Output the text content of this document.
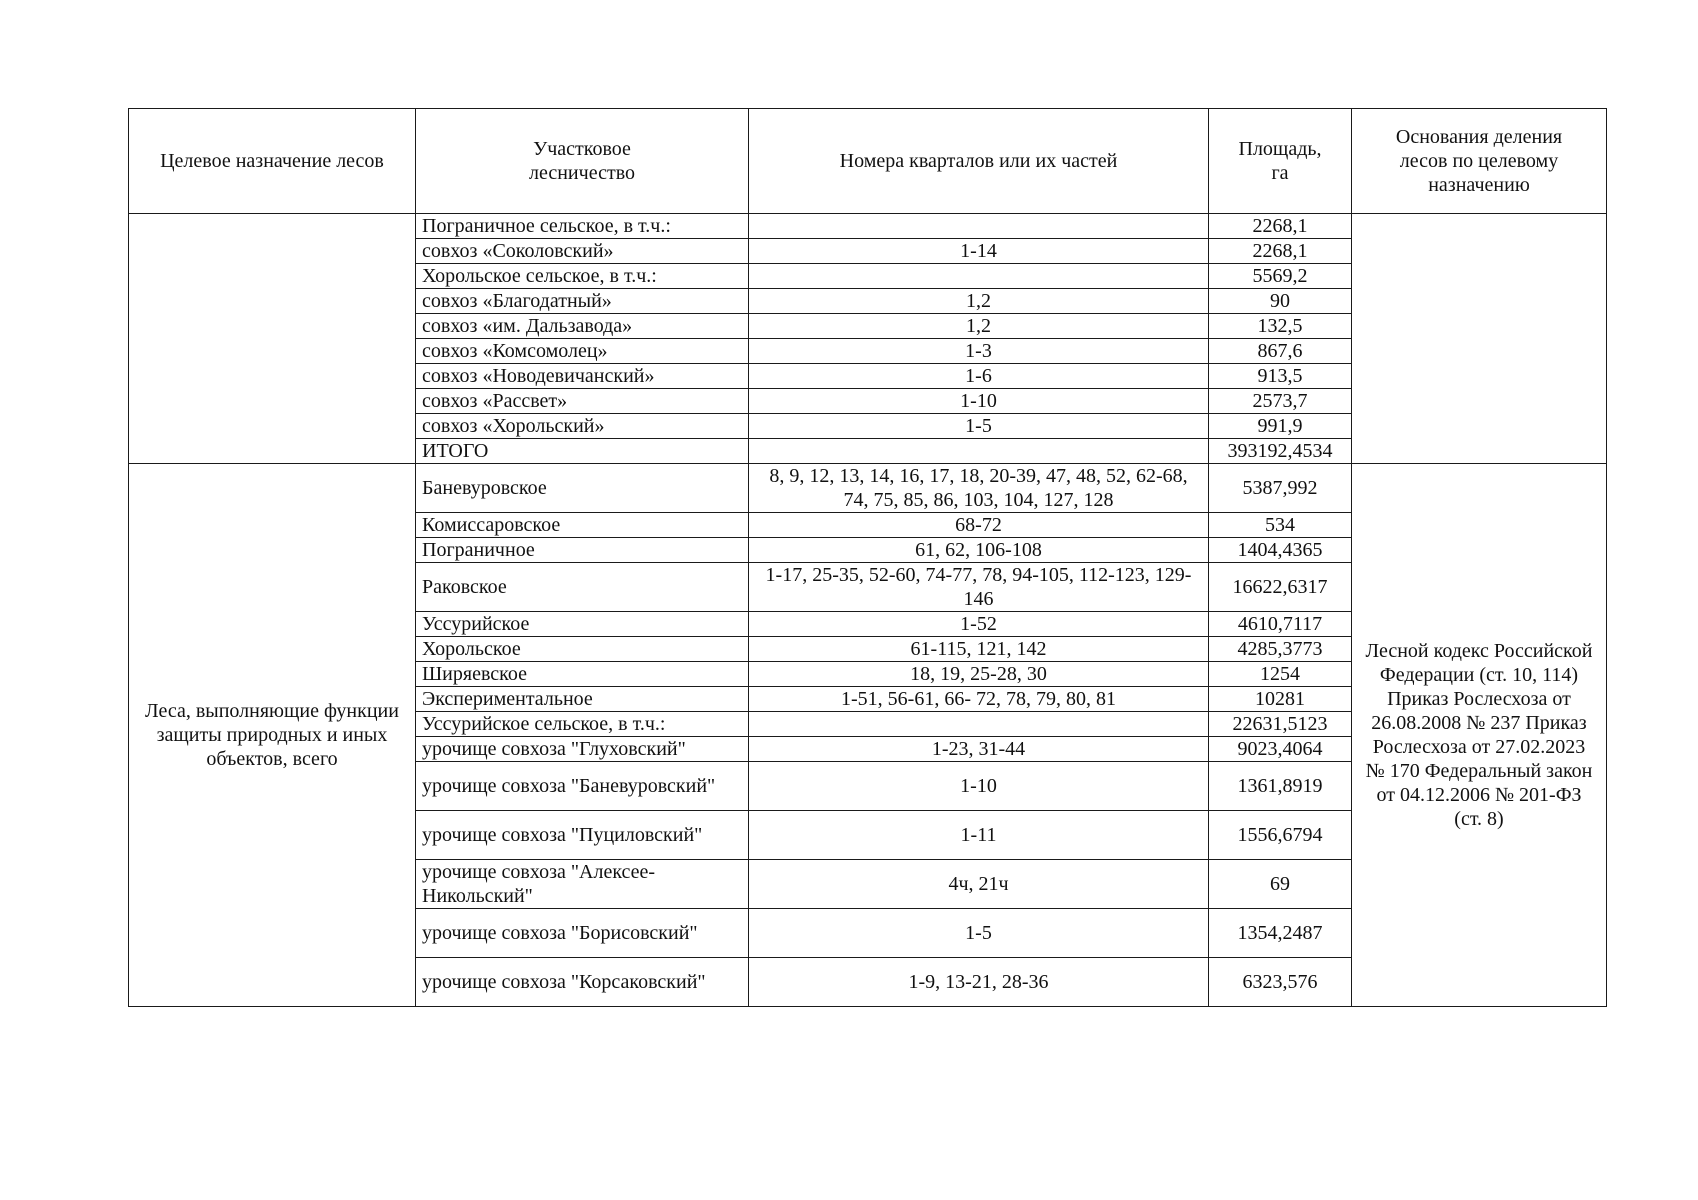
Целевое назначение лесов	Участковое лесничество	Номера кварталов или их частей	Площадь, га	Основания деления лесов по целевому назначению
	Пограничное сельское, в т.ч.:		2268,1	
	совхоз «Соколовский»	1-14	2268,1	
	Хорольское сельское, в т.ч.:		5569,2	
	совхоз «Благодатный»	1,2	90	
	совхоз «им. Дальзавода»	1,2	132,5	
	совхоз «Комсомолец»	1-3	867,6	
	совхоз «Новодевичанский»	1-6	913,5	
	совхоз «Рассвет»	1-10	2573,7	
	совхоз «Хорольский»	1-5	991,9	
	ИТОГО		393192,4534	
Леса, выполняющие функции защиты природных и иных объектов, всего	Баневуровское	8, 9, 12, 13, 14, 16, 17, 18, 20-39, 47, 48, 52, 62-68, 74, 75, 85, 86, 103, 104, 127, 128	5387,992	Лесной кодекс Российской Федерации (ст. 10, 114) Приказ Рослесхоза от 26.08.2008 № 237 Приказ Рослесхоза от 27.02.2023 № 170 Федеральный закон от 04.12.2006 № 201-ФЗ (ст. 8)
	Комиссаровское	68-72	534	
	Пограничное	61, 62, 106-108	1404,4365	
	Раковское	1-17, 25-35, 52-60, 74-77, 78, 94-105, 112-123, 129-146	16622,6317	
	Уссурийское	1-52	4610,7117	
	Хорольское	61-115, 121, 142	4285,3773	
	Ширяевское	18, 19, 25-28, 30	1254	
	Экспериментальное	1-51, 56-61, 66- 72, 78, 79, 80, 81	10281	
	Уссурийское сельское, в т.ч.:		22631,5123	
	урочище совхоза "Глуховский"	1-23, 31-44	9023,4064	
	урочище совхоза "Баневуровский"	1-10	1361,8919	
	урочище совхоза "Пуциловский"	1-11	1556,6794	
	урочище совхоза "Алексее-Никольский"	4ч, 21ч	69	
	урочище совхоза "Борисовский"	1-5	1354,2487	
	урочище совхоза "Корсаковский"	1-9, 13-21, 28-36	6323,576	
